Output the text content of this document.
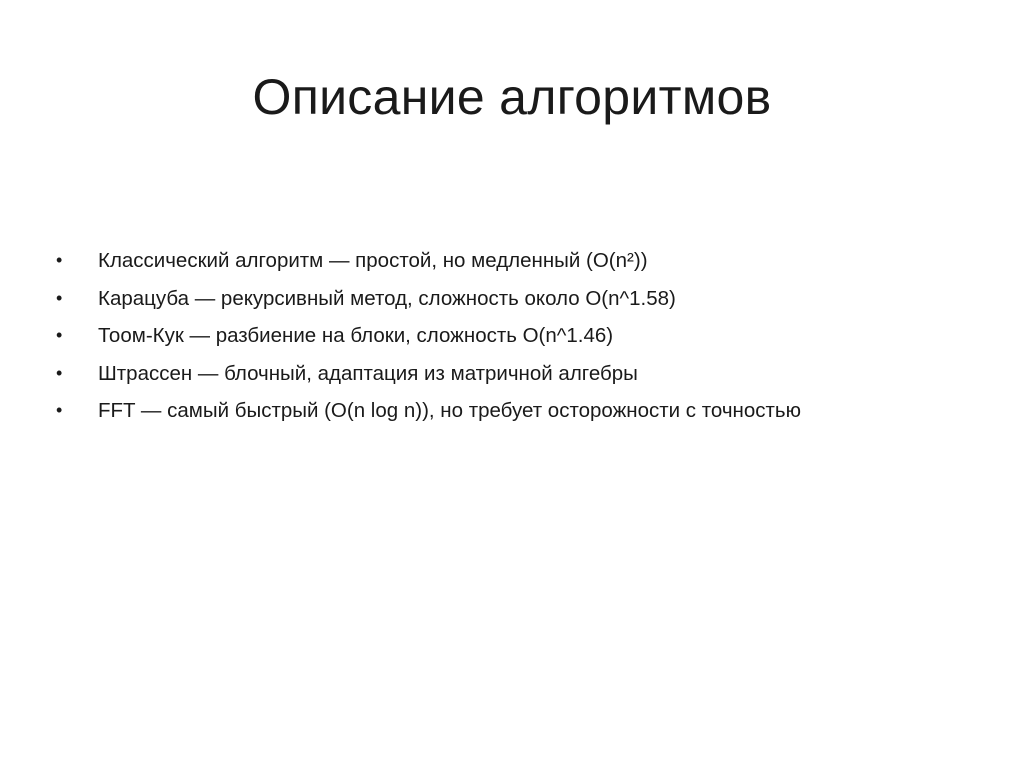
Описание алгоритмов
•	Классический алгоритм — простой, но медленный (O(n²))
•	Карацуба — рекурсивный метод, сложность около O(n^1.58)
•	Тоом-Кук — разбиение на блоки, сложность O(n^1.46)
•	Штрассен — блочный, адаптация из матричной алгебры
•	FFT — самый быстрый (O(n log n)), но требует осторожности с точностью
